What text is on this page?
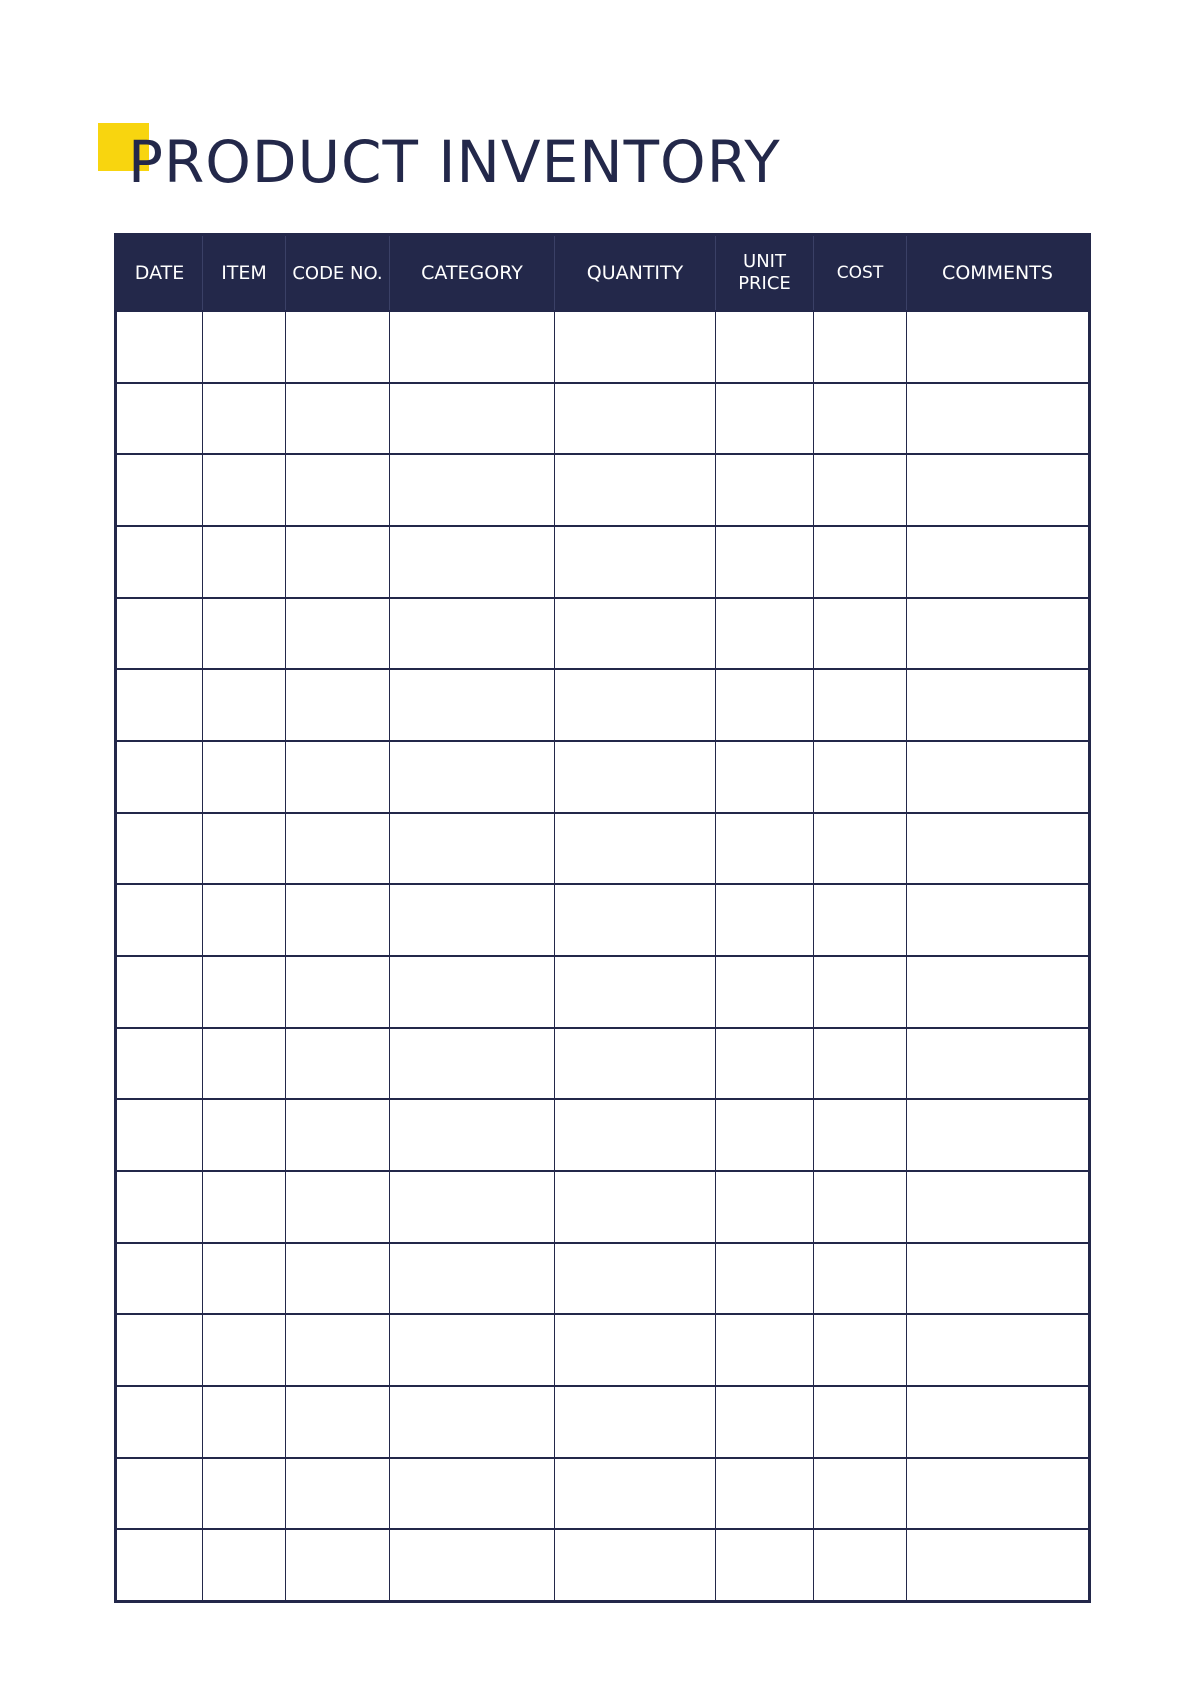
PRODUCT INVENTORY
DATE	ITEM	CODE NO.	CATEGORY	QUANTITY	UNIT PRICE	COST	COMMENTS
